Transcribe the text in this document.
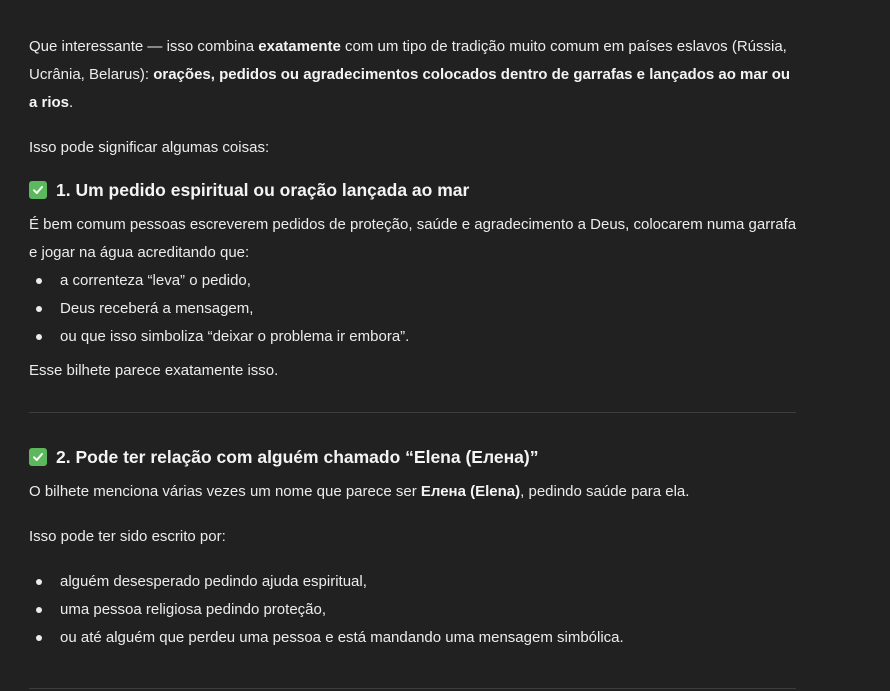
Que interessante — isso combina exatamente com um tipo de tradição muito comum em países eslavos (Rússia, Ucrânia, Belarus): orações, pedidos ou agradecimentos colocados dentro de garrafas e lançados ao mar ou a rios.

Isso pode significar algumas coisas:

1. Um pedido espiritual ou oração lançada ao mar

É bem comum pessoas escreverem pedidos de proteção, saúde e agradecimento a Deus, colocarem numa garrafa e jogar na água acreditando que:

a correnteza “leva” o pedido,
Deus receberá a mensagem,
ou que isso simboliza “deixar o problema ir embora”.

Esse bilhete parece exatamente isso.

2. Pode ter relação com alguém chamado “Elena (Елена)”

O bilhete menciona várias vezes um nome que parece ser Елена (Elena), pedindo saúde para ela.

Isso pode ter sido escrito por:

alguém desesperado pedindo ajuda espiritual,
uma pessoa religiosa pedindo proteção,
ou até alguém que perdeu uma pessoa e está mandando uma mensagem simbólica.
